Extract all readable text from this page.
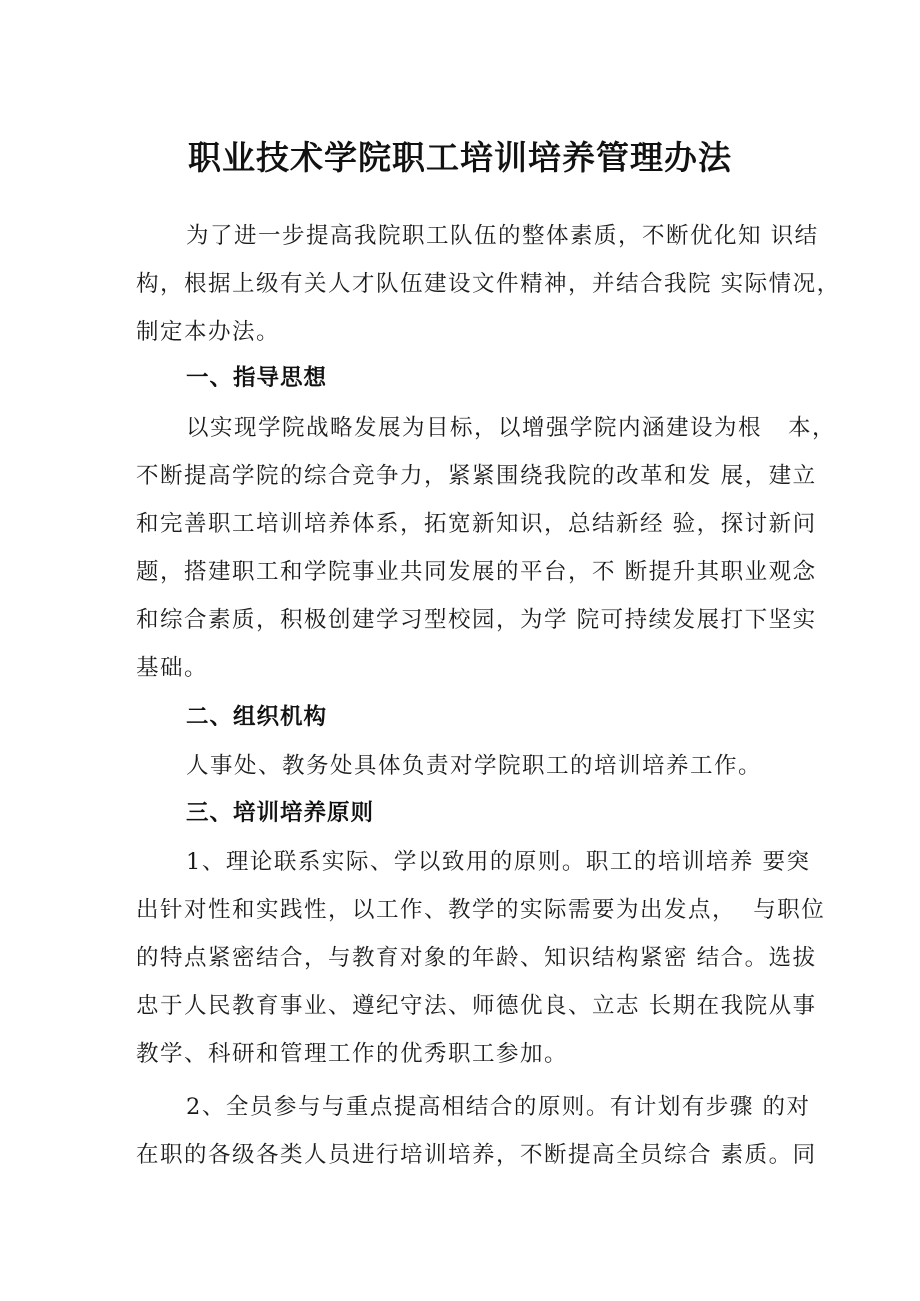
职业技术学院职工培训培养管理办法
为了进一步提高我院职工队伍的整体素质，不断优化知 识结
构，根据上级有关人才队伍建设文件精神，并结合我院 实际情况，
制定本办法。
一、指导思想
以实现学院战略发展为目标，以增强学院内涵建设为根   本，
不断提高学院的综合竞争力，紧紧围绕我院的改革和发 展，建立
和完善职工培训培养体系，拓宽新知识，总结新经 验，探讨新问
题，搭建职工和学院事业共同发展的平台，不 断提升其职业观念
和综合素质，积极创建学习型校园，为学 院可持续发展打下坚实
基础。
二、组织机构
人事处、教务处具体负责对学院职工的培训培养工作。
三、培训培养原则
1、理论联系实际、学以致用的原则。职工的培训培养 要突
出针对性和实践性，以工作、教学的实际需要为出发点，  与职位
的特点紧密结合，与教育对象的年龄、知识结构紧密 结合。选拔
忠于人民教育事业、遵纪守法、师德优良、立志 长期在我院从事
教学、科研和管理工作的优秀职工参加。
2、全员参与与重点提高相结合的原则。有计划有步骤 的对
在职的各级各类人员进行培训培养，不断提高全员综合 素质。同
